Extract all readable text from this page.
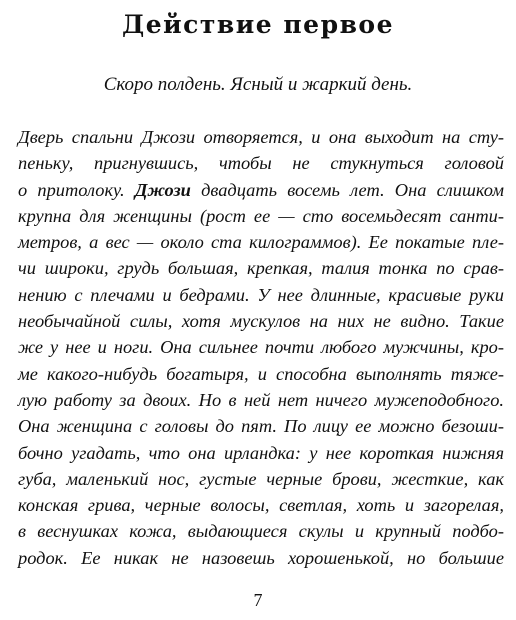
Действие первое

Скоро полдень. Ясный и жаркий день.

Дверь спальни Джози отворяется, и она выходит на сту-
пеньку, пригнувшись, чтобы не стукнуться головой
о притолоку. Джози двадцать восемь лет. Она слишком
крупна для женщины (рост ее — сто восемьдесят санти-
метров, а вес — около ста килограммов). Ее покатые пле-
чи широки, грудь большая, крепкая, талия тонка по срав-
нению с плечами и бедрами. У нее длинные, красивые руки
необычайной силы, хотя мускулов на них не видно. Такие
же у нее и ноги. Она сильнее почти любого мужчины, кро-
ме какого-нибудь богатыря, и способна выполнять тяже-
лую работу за двоих. Но в ней нет ничего мужеподобного.
Она женщина с головы до пят. По лицу ее можно безоши-
бочно угадать, что она ирландка: у нее короткая нижняя
губа, маленький нос, густые черные брови, жесткие, как
конская грива, черные волосы, светлая, хоть и загорелая,
в веснушках кожа, выдающиеся скулы и крупный подбо-
родок. Ее никак не назовешь хорошенькой, но большие

7
